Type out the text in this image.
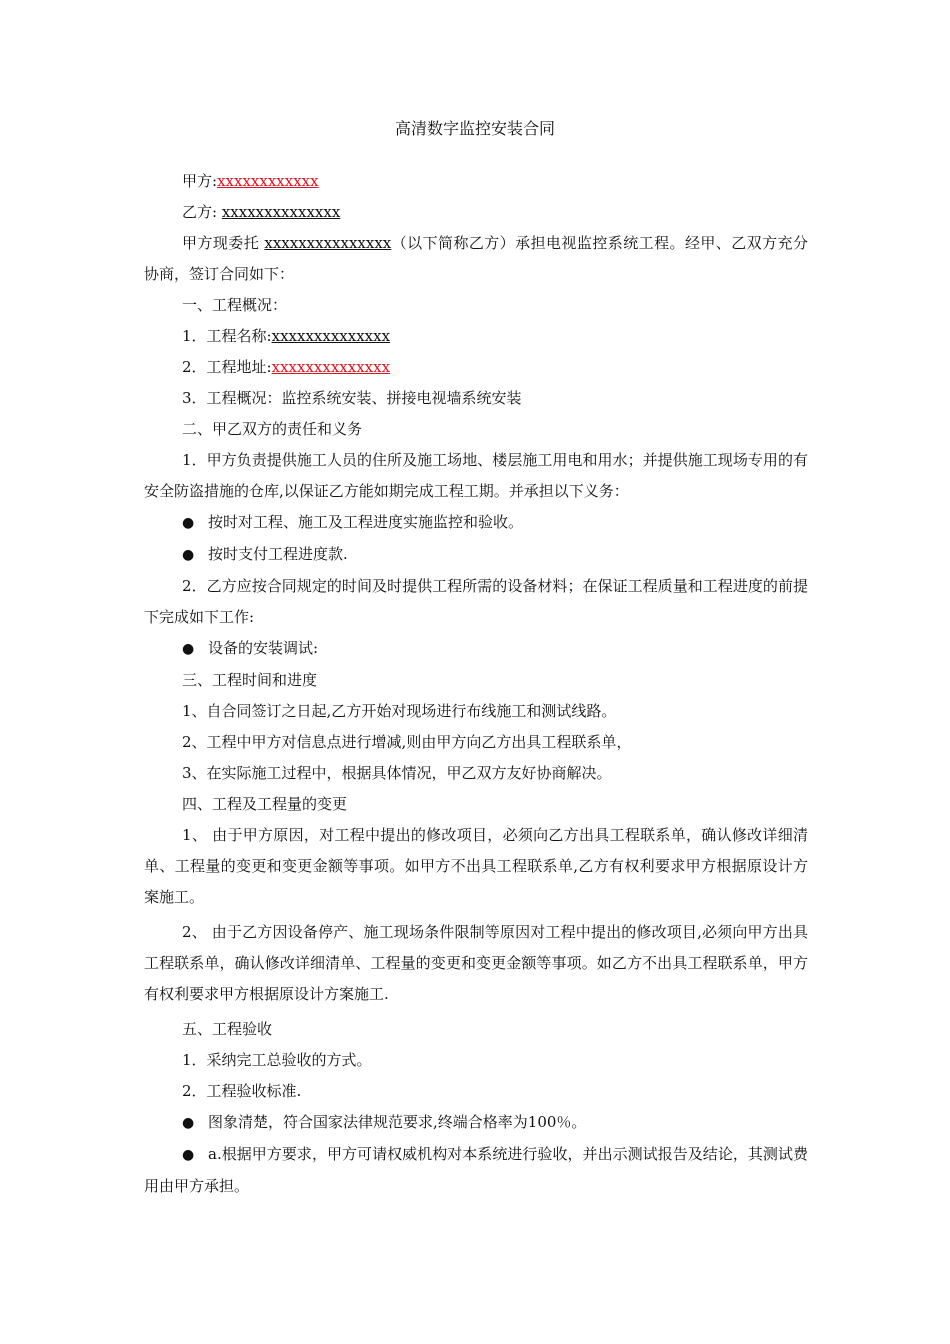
高清数字监控安装合同

甲方:xxxxxxxxxxxx

乙方: xxxxxxxxxxxxxx

甲方现委托 xxxxxxxxxxxxxxx（以下简称乙方）承担电视监控系统工程。经甲、乙双方充分协商，签订合同如下：

一、工程概况：

1．工程名称:xxxxxxxxxxxxxx

2．工程地址:xxxxxxxxxxxxxx

3．工程概况：监控系统安装、拼接电视墙系统安装

二、甲乙双方的责任和义务

1．甲方负责提供施工人员的住所及施工场地、楼层施工用电和用水；并提供施工现场专用的有安全防盗措施的仓库,以保证乙方能如期完成工程工期。并承担以下义务：

● 按时对工程、施工及工程进度实施监控和验收。

● 按时支付工程进度款.

2．乙方应按合同规定的时间及时提供工程所需的设备材料；在保证工程质量和工程进度的前提下完成如下工作:

● 设备的安装调试:

三、工程时间和进度

1、自合同签订之日起,乙方开始对现场进行布线施工和测试线路。

2、工程中甲方对信息点进行增减,则由甲方向乙方出具工程联系单，

3、在实际施工过程中，根据具体情况，甲乙双方友好协商解决。

四、工程及工程量的变更

1、 由于甲方原因，对工程中提出的修改项目，必须向乙方出具工程联系单，确认修改详细清单、工程量的变更和变更金额等事项。如甲方不出具工程联系单,乙方有权利要求甲方根据原设计方案施工。

2、 由于乙方因设备停产、施工现场条件限制等原因对工程中提出的修改项目,必须向甲方出具工程联系单，确认修改详细清单、工程量的变更和变更金额等事项。如乙方不出具工程联系单，甲方有权利要求甲方根据原设计方案施工.

五、工程验收

1．采纳完工总验收的方式。

2．工程验收标准.

● 图象清楚，符合国家法律规范要求,终端合格率为100％。

● a.根据甲方要求，甲方可请权威机构对本系统进行验收，并出示测试报告及结论，其测试费用由甲方承担。
